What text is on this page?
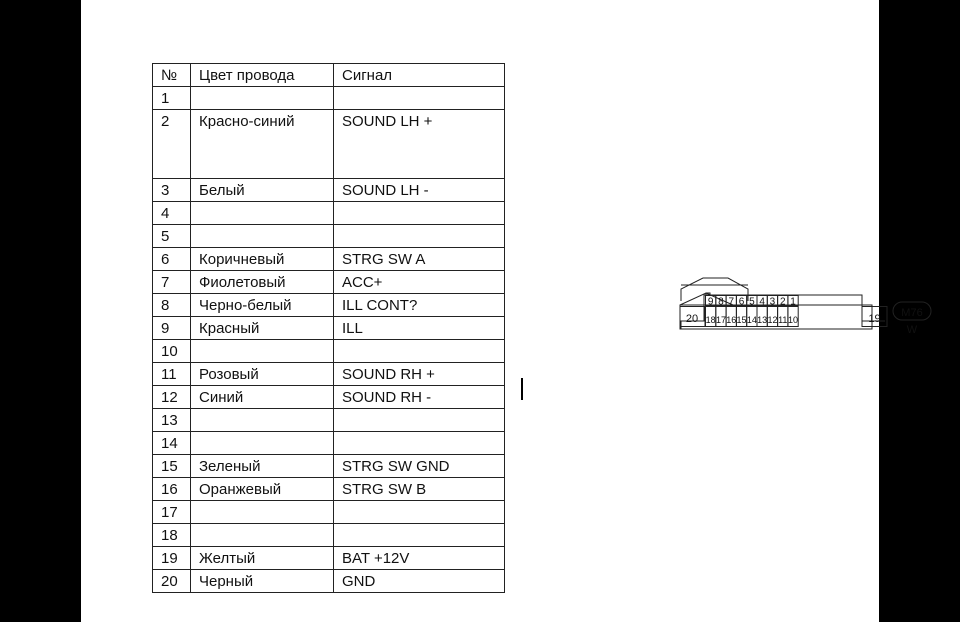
№	Цвет провода	Сигнал
1		
2	Красно-синий	SOUND LH +
3	Белый	SOUND LH -
4		
5		
6	Коричневый	STRG SW A
7	Фиолетовый	ACC+
8	Черно-белый	ILL CONT?
9	Красный	ILL
10		
11	Розовый	SOUND RH +
12	Синий	SOUND RH -
13		
14		
15	Зеленый	STRG SW GND
16	Оранжевый	STRG SW B
17		
18		
19	Желтый	BAT +12V
20	Черный	GND
9 8 7 6 5 4 3 2 1
18 17 16 15 14 13 12 11 10
20	19 M76
W
